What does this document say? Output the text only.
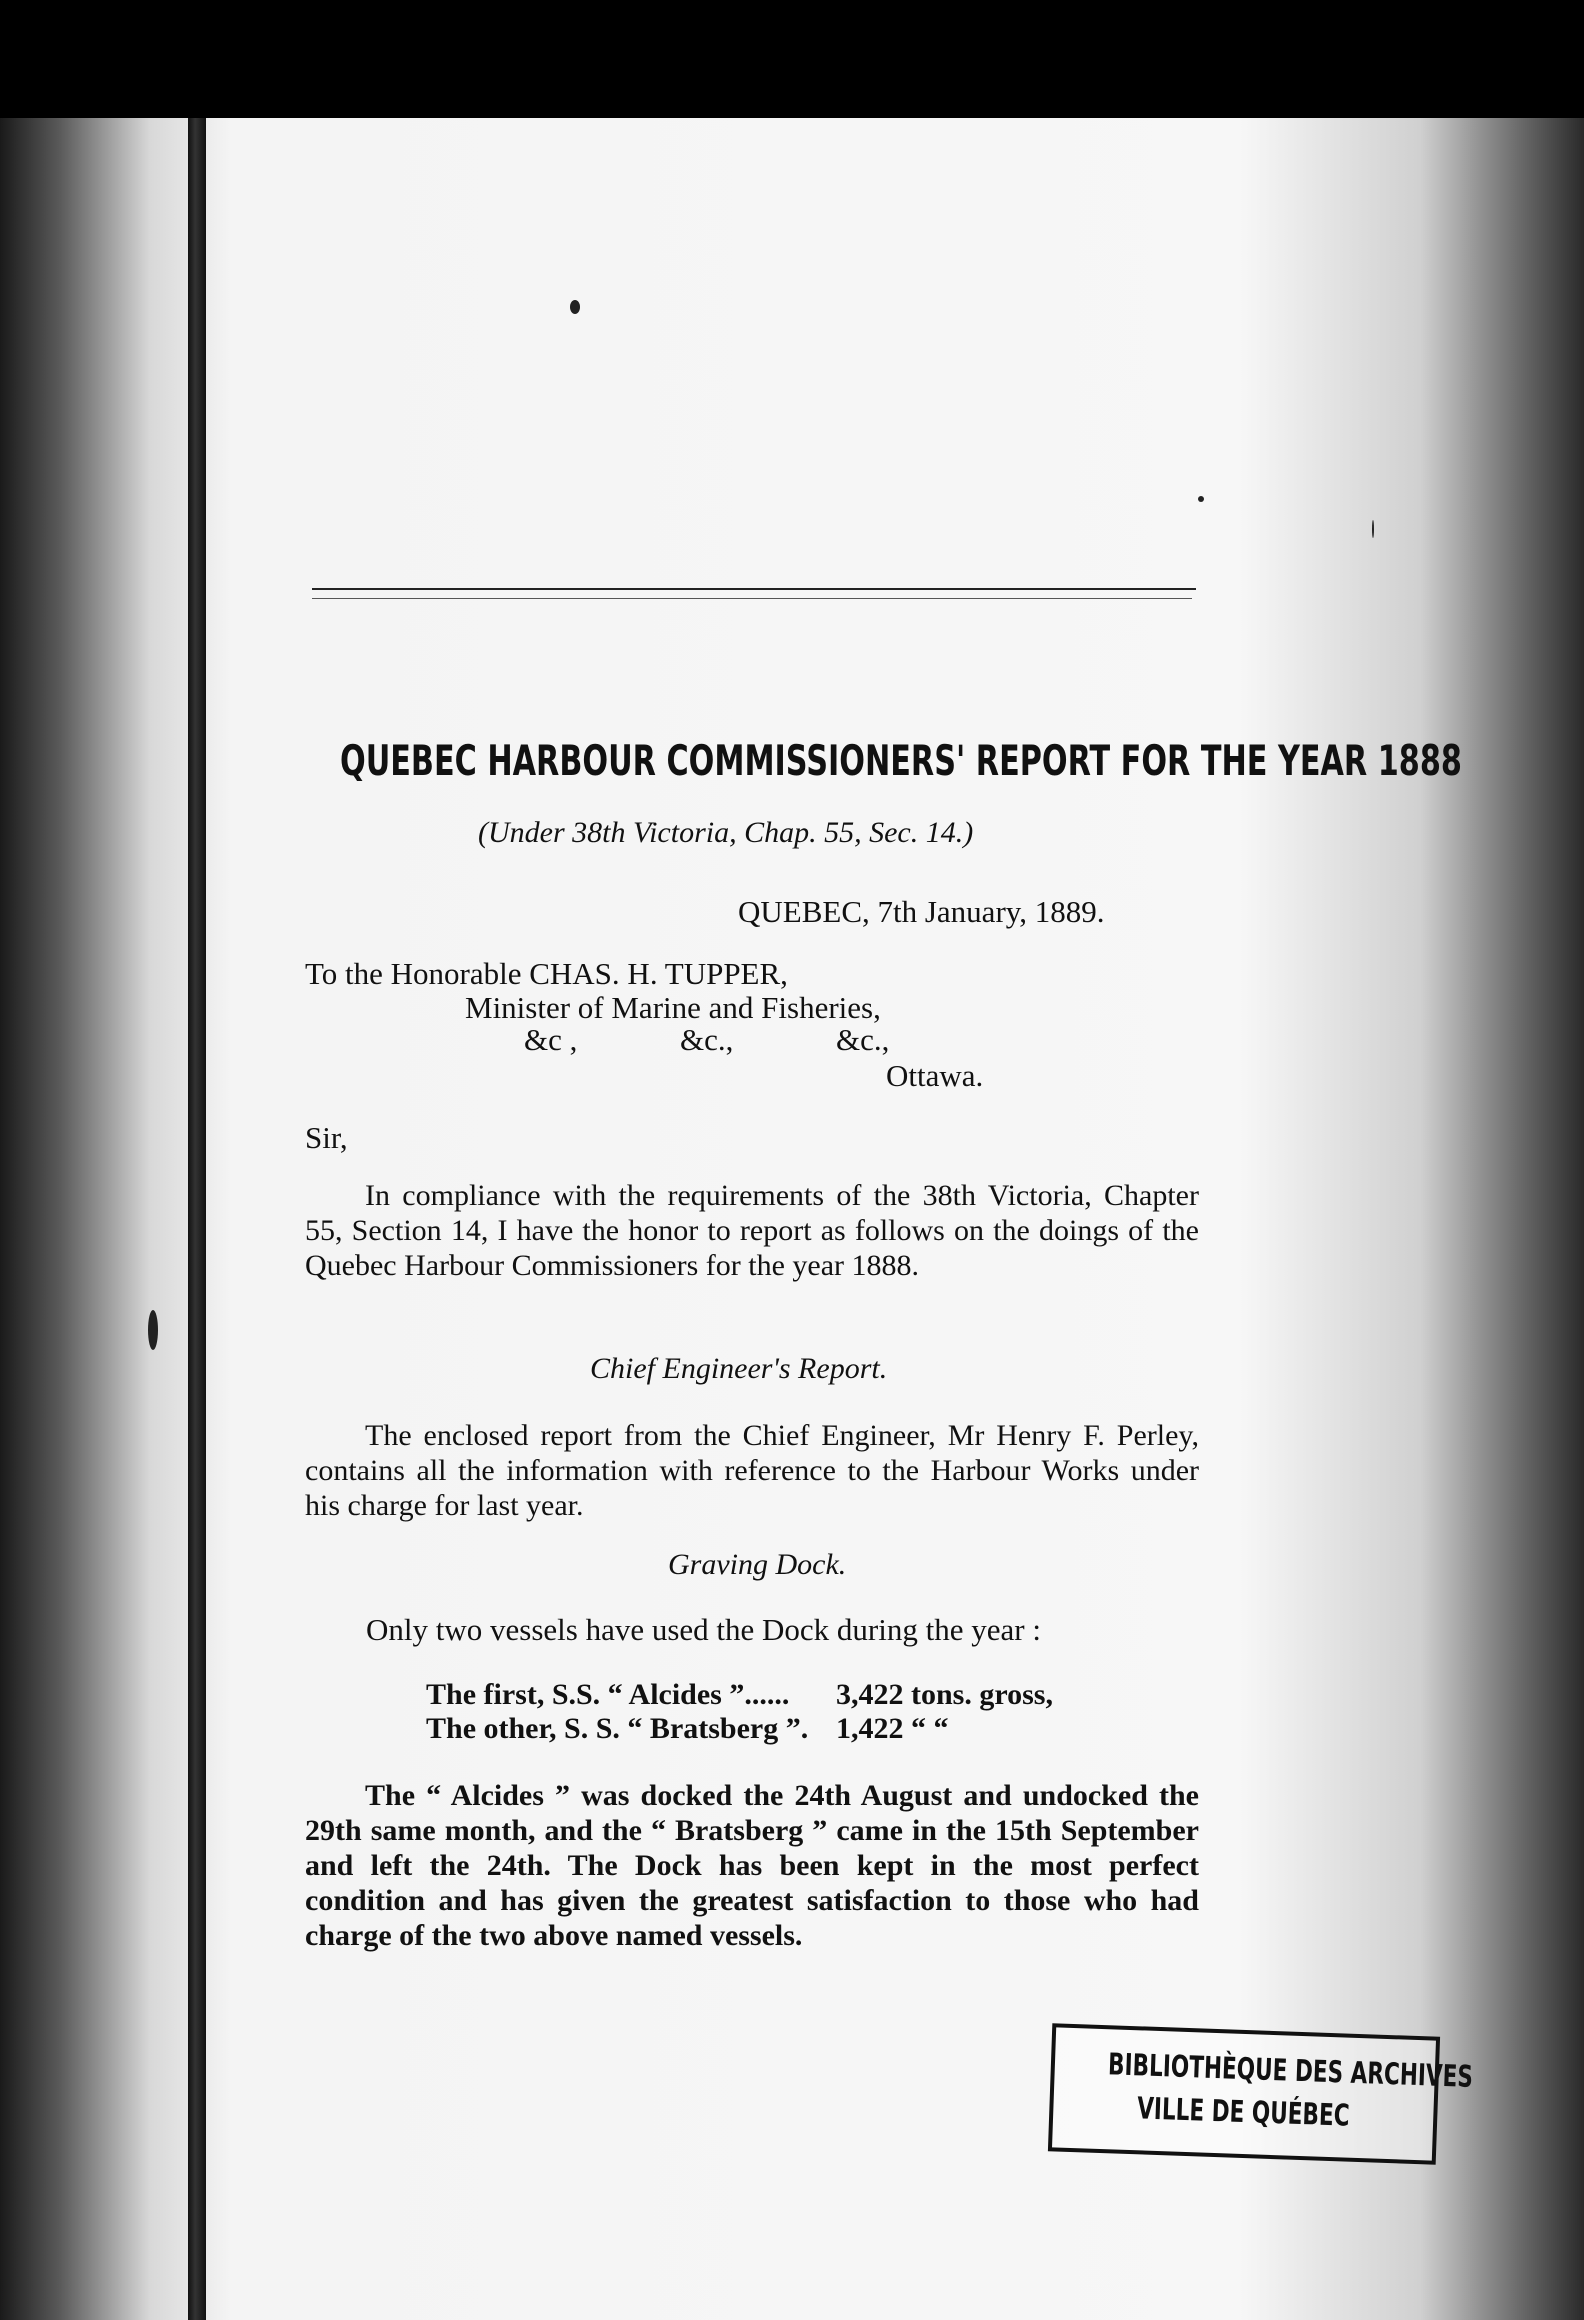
QUEBEC HARBOUR COMMISSIONERS' REPORT FOR THE YEAR 1888
(Under 38th Victoria, Chap. 55, Sec. 14.)
QUEBEC, 7th January, 1889.
To the Honorable CHAS. H. TUPPER,
Minister of Marine and Fisheries,
&c ,	&c.,	&c.,
Ottawa.
Sir,
In compliance with the requirements of the 38th Victoria, Chapter 55, Section 14, I have the honor to report as follows on the doings of the Quebec Harbour Commissioners for the year 1888.
Chief Engineer's Report.
The enclosed report from the Chief Engineer, Mr Henry F. Perley, contains all the information with reference to the Harbour Works under his charge for last year.
Graving Dock.
Only two vessels have used the Dock during the year :
The first, S.S. “ Alcides ”...... 3,422 tons. gross,
The other, S. S. “ Bratsberg ”. 1,422 “ “
The “ Alcides ” was docked the 24th August and undocked the 29th same month, and the “ Bratsberg ” came in the 15th September and left the 24th. The Dock has been kept in the most perfect condition and has given the greatest satisfaction to those who had charge of the two above named vessels.
BIBLIOTHÈQUE DES ARCHIVES
VILLE DE QUÉBEC
